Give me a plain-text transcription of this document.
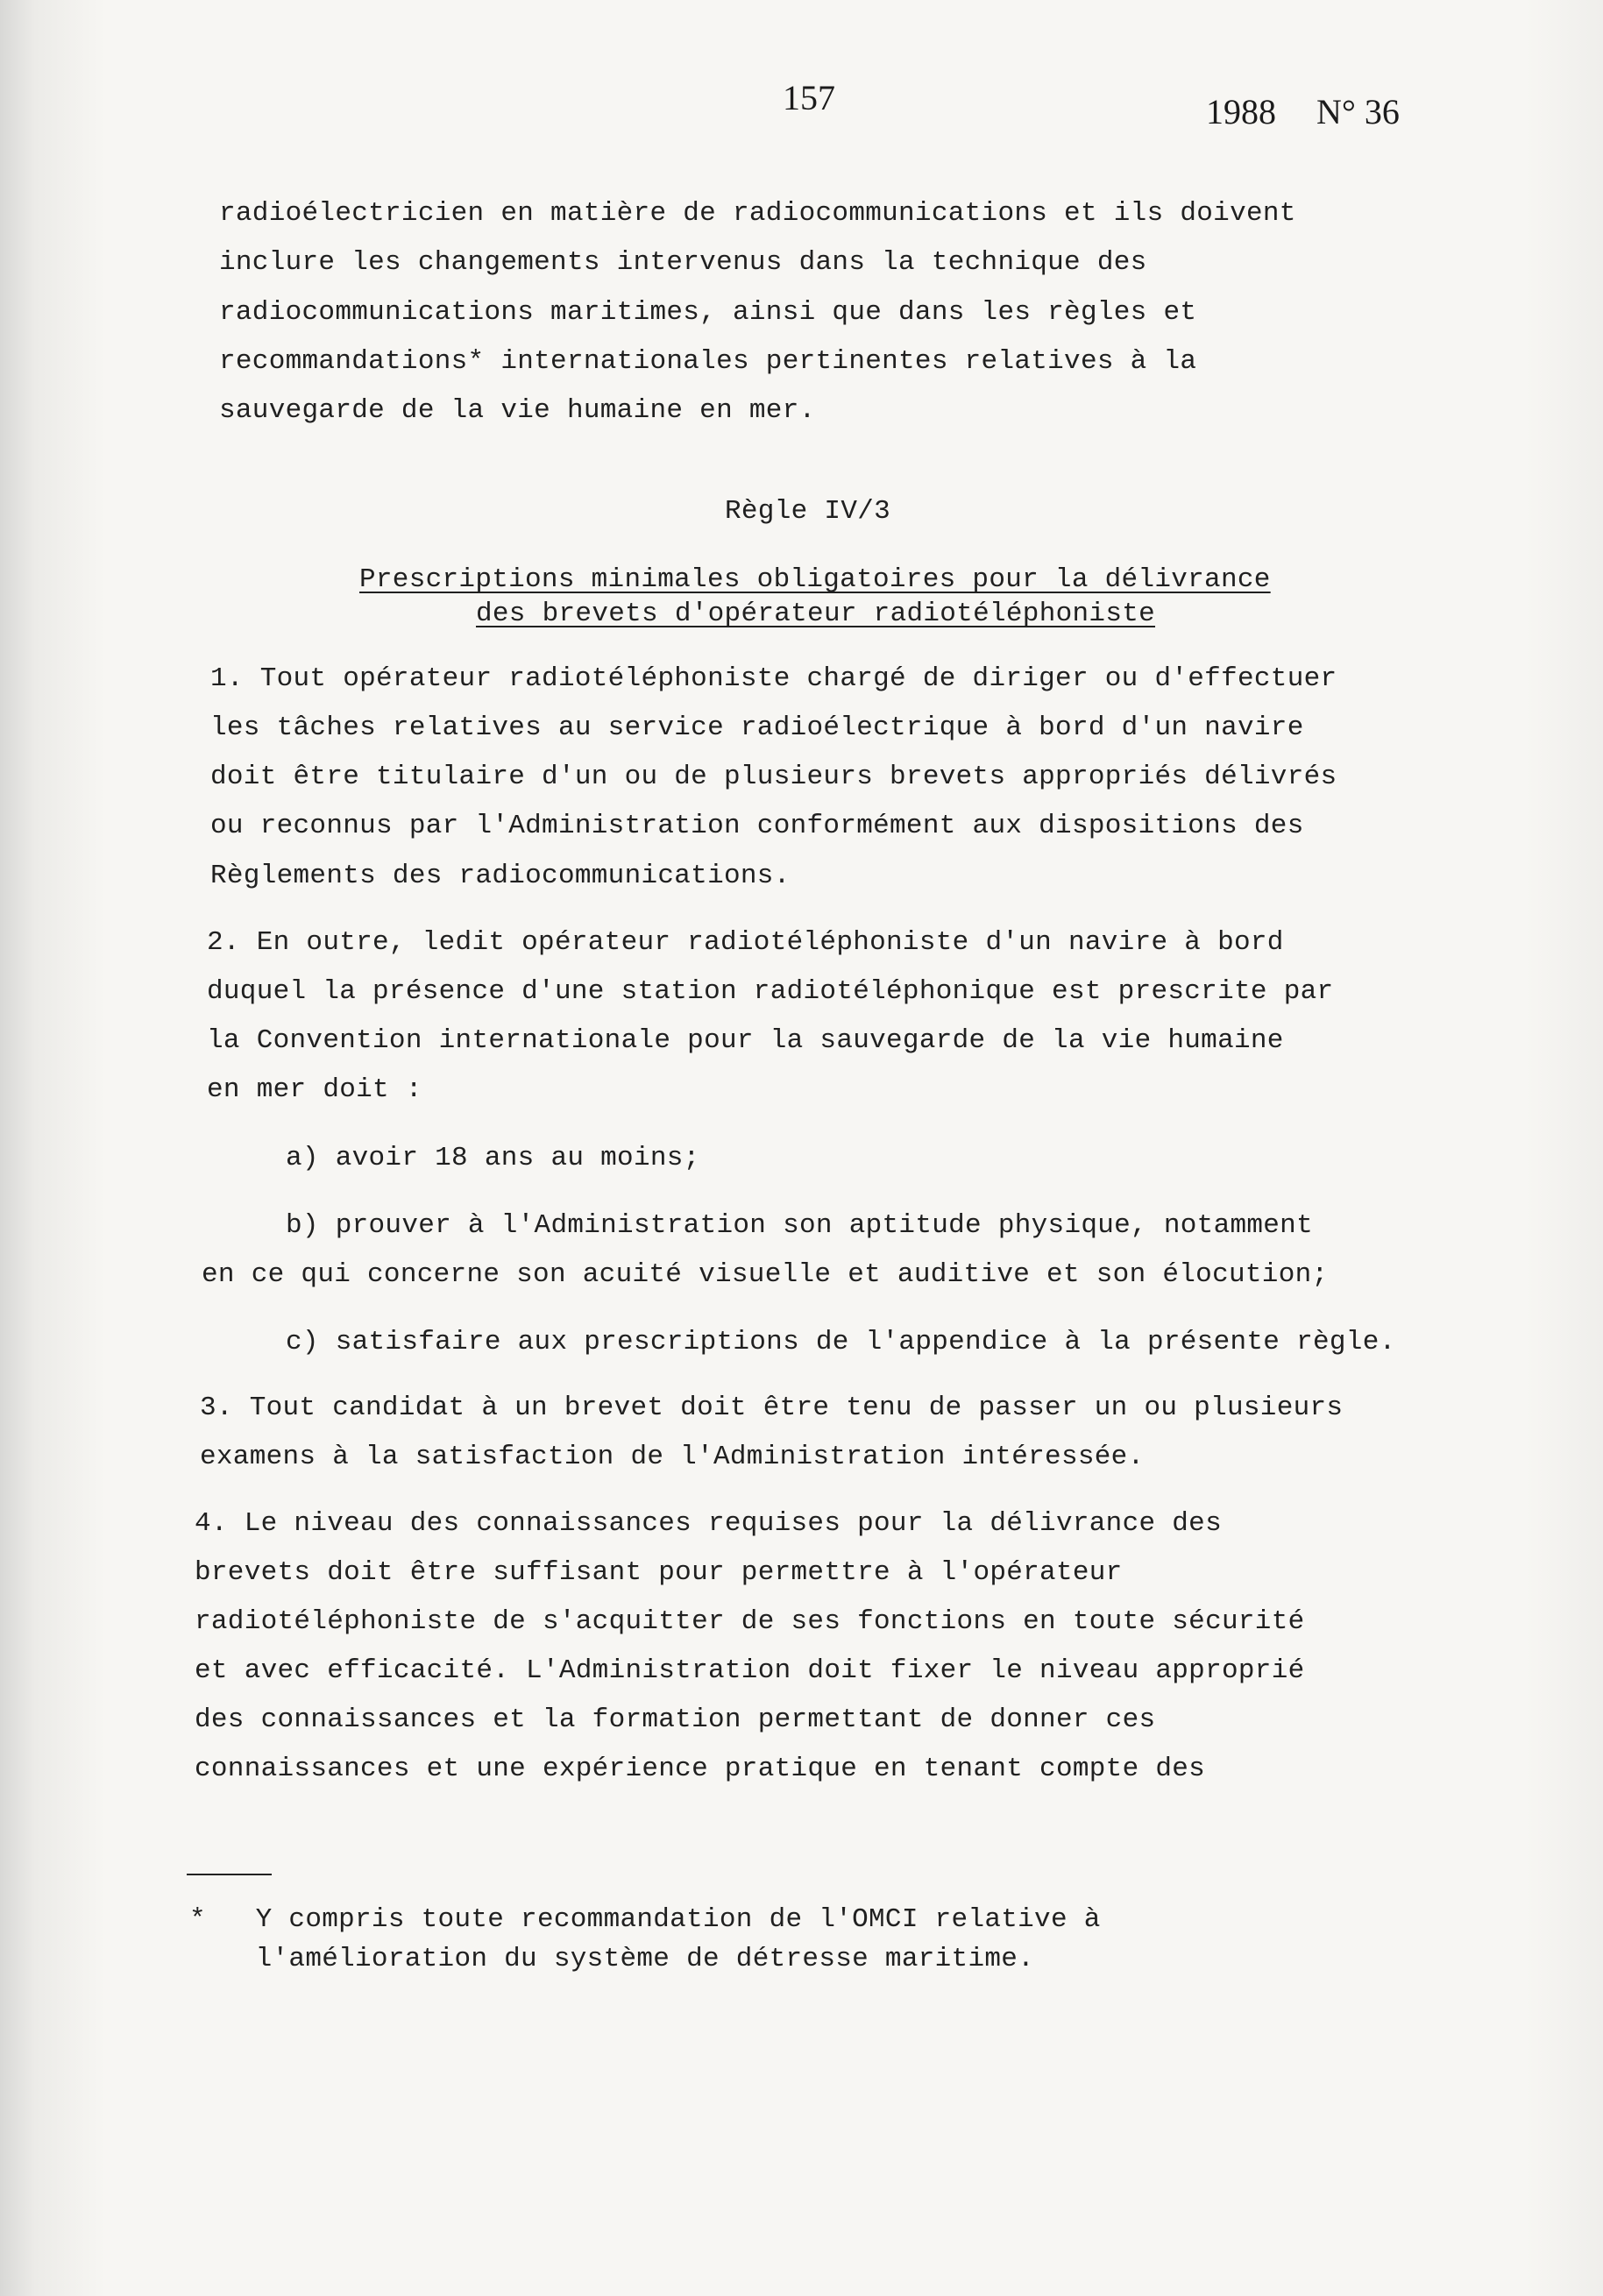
157	1988 N° 36
radioélectricien en matière de radiocommunications et ils doivent
inclure les changements intervenus dans la technique des
radiocommunications maritimes, ainsi que dans les règles et
recommandations* internationales pertinentes relatives à la
sauvegarde de la vie humaine en mer.
Règle IV/3
Prescriptions minimales obligatoires pour la délivrance
des brevets d'opérateur radiotéléphoniste
1. Tout opérateur radiotéléphoniste chargé de diriger ou d'effectuer
les tâches relatives au service radioélectrique à bord d'un navire
doit être titulaire d'un ou de plusieurs brevets appropriés délivrés
ou reconnus par l'Administration conformément aux dispositions des
Règlements des radiocommunications.
2. En outre, ledit opérateur radiotéléphoniste d'un navire à bord
duquel la présence d'une station radiotéléphonique est prescrite par
la Convention internationale pour la sauvegarde de la vie humaine
en mer doit :
a) avoir 18 ans au moins;
b) prouver à l'Administration son aptitude physique, notamment
en ce qui concerne son acuité visuelle et auditive et son élocution;
c) satisfaire aux prescriptions de l'appendice à la présente règle.
3. Tout candidat à un brevet doit être tenu de passer un ou plusieurs
examens à la satisfaction de l'Administration intéressée.
4. Le niveau des connaissances requises pour la délivrance des
brevets doit être suffisant pour permettre à l'opérateur
radiotéléphoniste de s'acquitter de ses fonctions en toute sécurité
et avec efficacité. L'Administration doit fixer le niveau approprié
des connaissances et la formation permettant de donner ces
connaissances et une expérience pratique en tenant compte des
*   Y compris toute recommandation de l'OMCI relative à
l'amélioration du système de détresse maritime.
